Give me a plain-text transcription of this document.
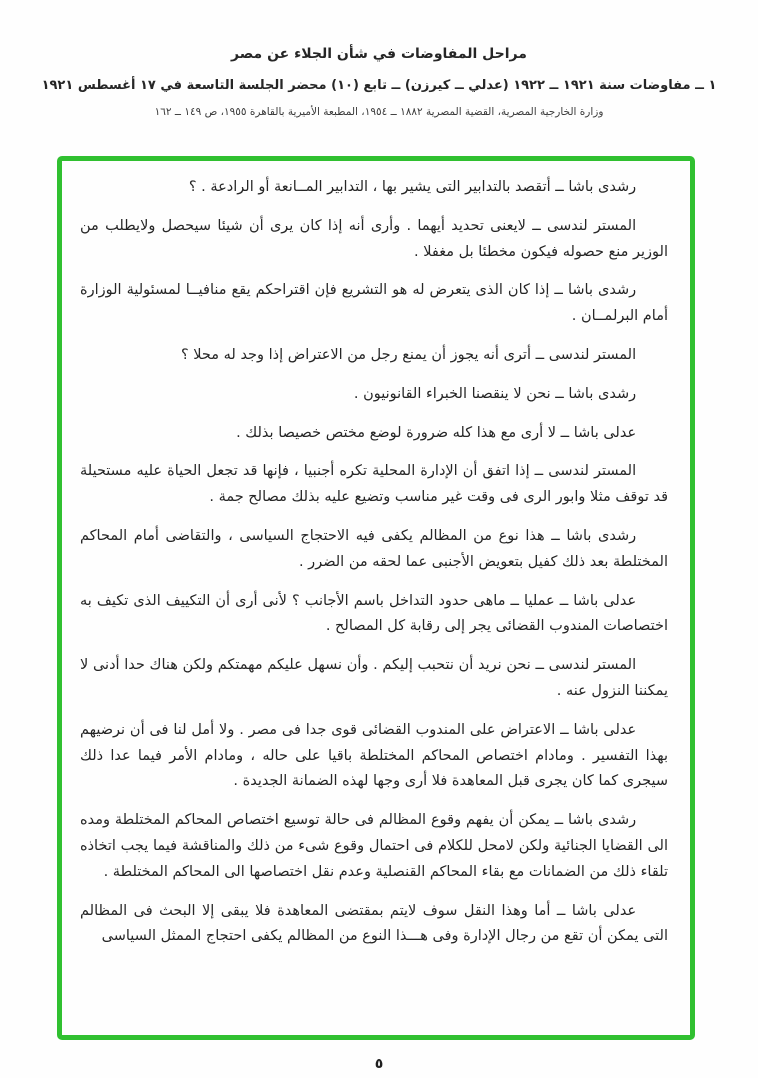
مراحل المفاوضات في شأن الجلاء عن مصر
١ ــ مفاوضات سنة ١٩٢١ ــ ١٩٢٢ (عدلي ــ كيرزن) ــ تابع (١٠) محضر الجلسة التاسعة في ١٧ أغسطس ١٩٢١
وزارة الخارجية المصرية، القضية المصرية ١٨٨٢ ــ ١٩٥٤، المطبعة الأميرية بالقاهرة ١٩٥٥، ص ١٤٩ ــ ١٦٢

رشدى باشا ــ أتقصد بالتدابير التى يشير بها ، التدابير المــانعة أو الرادعة . ؟

المستر لندسى ــ لايعنى تحديد أيهما . وأرى أنه إذا كان يرى أن شيئا سيحصل ولايطلب من الوزير منع حصوله فيكون مخطئا بل مغفلا .

رشدى باشا ــ إذا كان الذى يتعرض له هو التشريع فإن اقتراحكم يقع منافيــا لمسئولية الوزارة أمام البرلمــان .

المستر لندسى ــ أترى أنه يجوز أن يمنع رجل من الاعتراض إذا وجد له محلا ؟

رشدى باشا ــ نحن لا ينقصنا الخبراء القانونيون .

عدلى باشا ــ لا أرى مع هذا كله ضرورة لوضع مختص خصيصا بذلك .

المستر لندسى ــ إذا اتفق أن الإدارة المحلية تكره أجنبيا ، فإنها قد تجعل الحياة عليه مستحيلة قد توقف مثلا وابور الرى فى وقت غير مناسب وتضيع عليه بذلك مصالح جمة .

رشدى باشا ــ هذا نوع من المظالم يكفى فيه الاحتجاج السياسى ، والتقاضى أمام المحاكم المختلطة بعد ذلك كفيل بتعويض الأجنبى عما لحقه من الضرر .

عدلى باشا ــ عمليا ــ ماهى حدود التداخل باسم الأجانب ؟ لأنى أرى أن التكييف الذى تكيف به اختصاصات المندوب القضائى يجر إلى رقابة كل المصالح .

المستر لندسى ــ نحن نريد أن نتحبب إليكم . وأن نسهل عليكم مهمتكم ولكن هناك حدا أدنى لا يمكننا النزول عنه .

عدلى باشا ــ الاعتراض على المندوب القضائى قوى جدا فى مصر . ولا أمل لنا فى أن نرضيهم بهذا التفسير . ومادام اختصاص المحاكم المختلطة باقيا على حاله ، ومادام الأمر فيما عدا ذلك سيجرى كما كان يجرى قبل المعاهدة فلا أرى وجها لهذه الضمانة الجديدة .

رشدى باشا ــ يمكن أن يفهم وقوع المظالم فى حالة توسيع اختصاص المحاكم المختلطة ومده الى القضايا الجنائية ولكن لامحل للكلام فى احتمال وقوع شىء من ذلك والمناقشة فيما يجب اتخاذه تلقاء ذلك من الضمانات مع بقاء المحاكم القنصلية وعدم نقل اختصاصها الى المحاكم المختلطة .

عدلى باشا ــ أما وهذا النقل سوف لايتم بمقتضى المعاهدة فلا يبقى إلا البحث فى المظالم التى يمكن أن تقع من رجال الإدارة وفى هـــذا النوع من المظالم يكفى احتجاج الممثل السياسى

٥
